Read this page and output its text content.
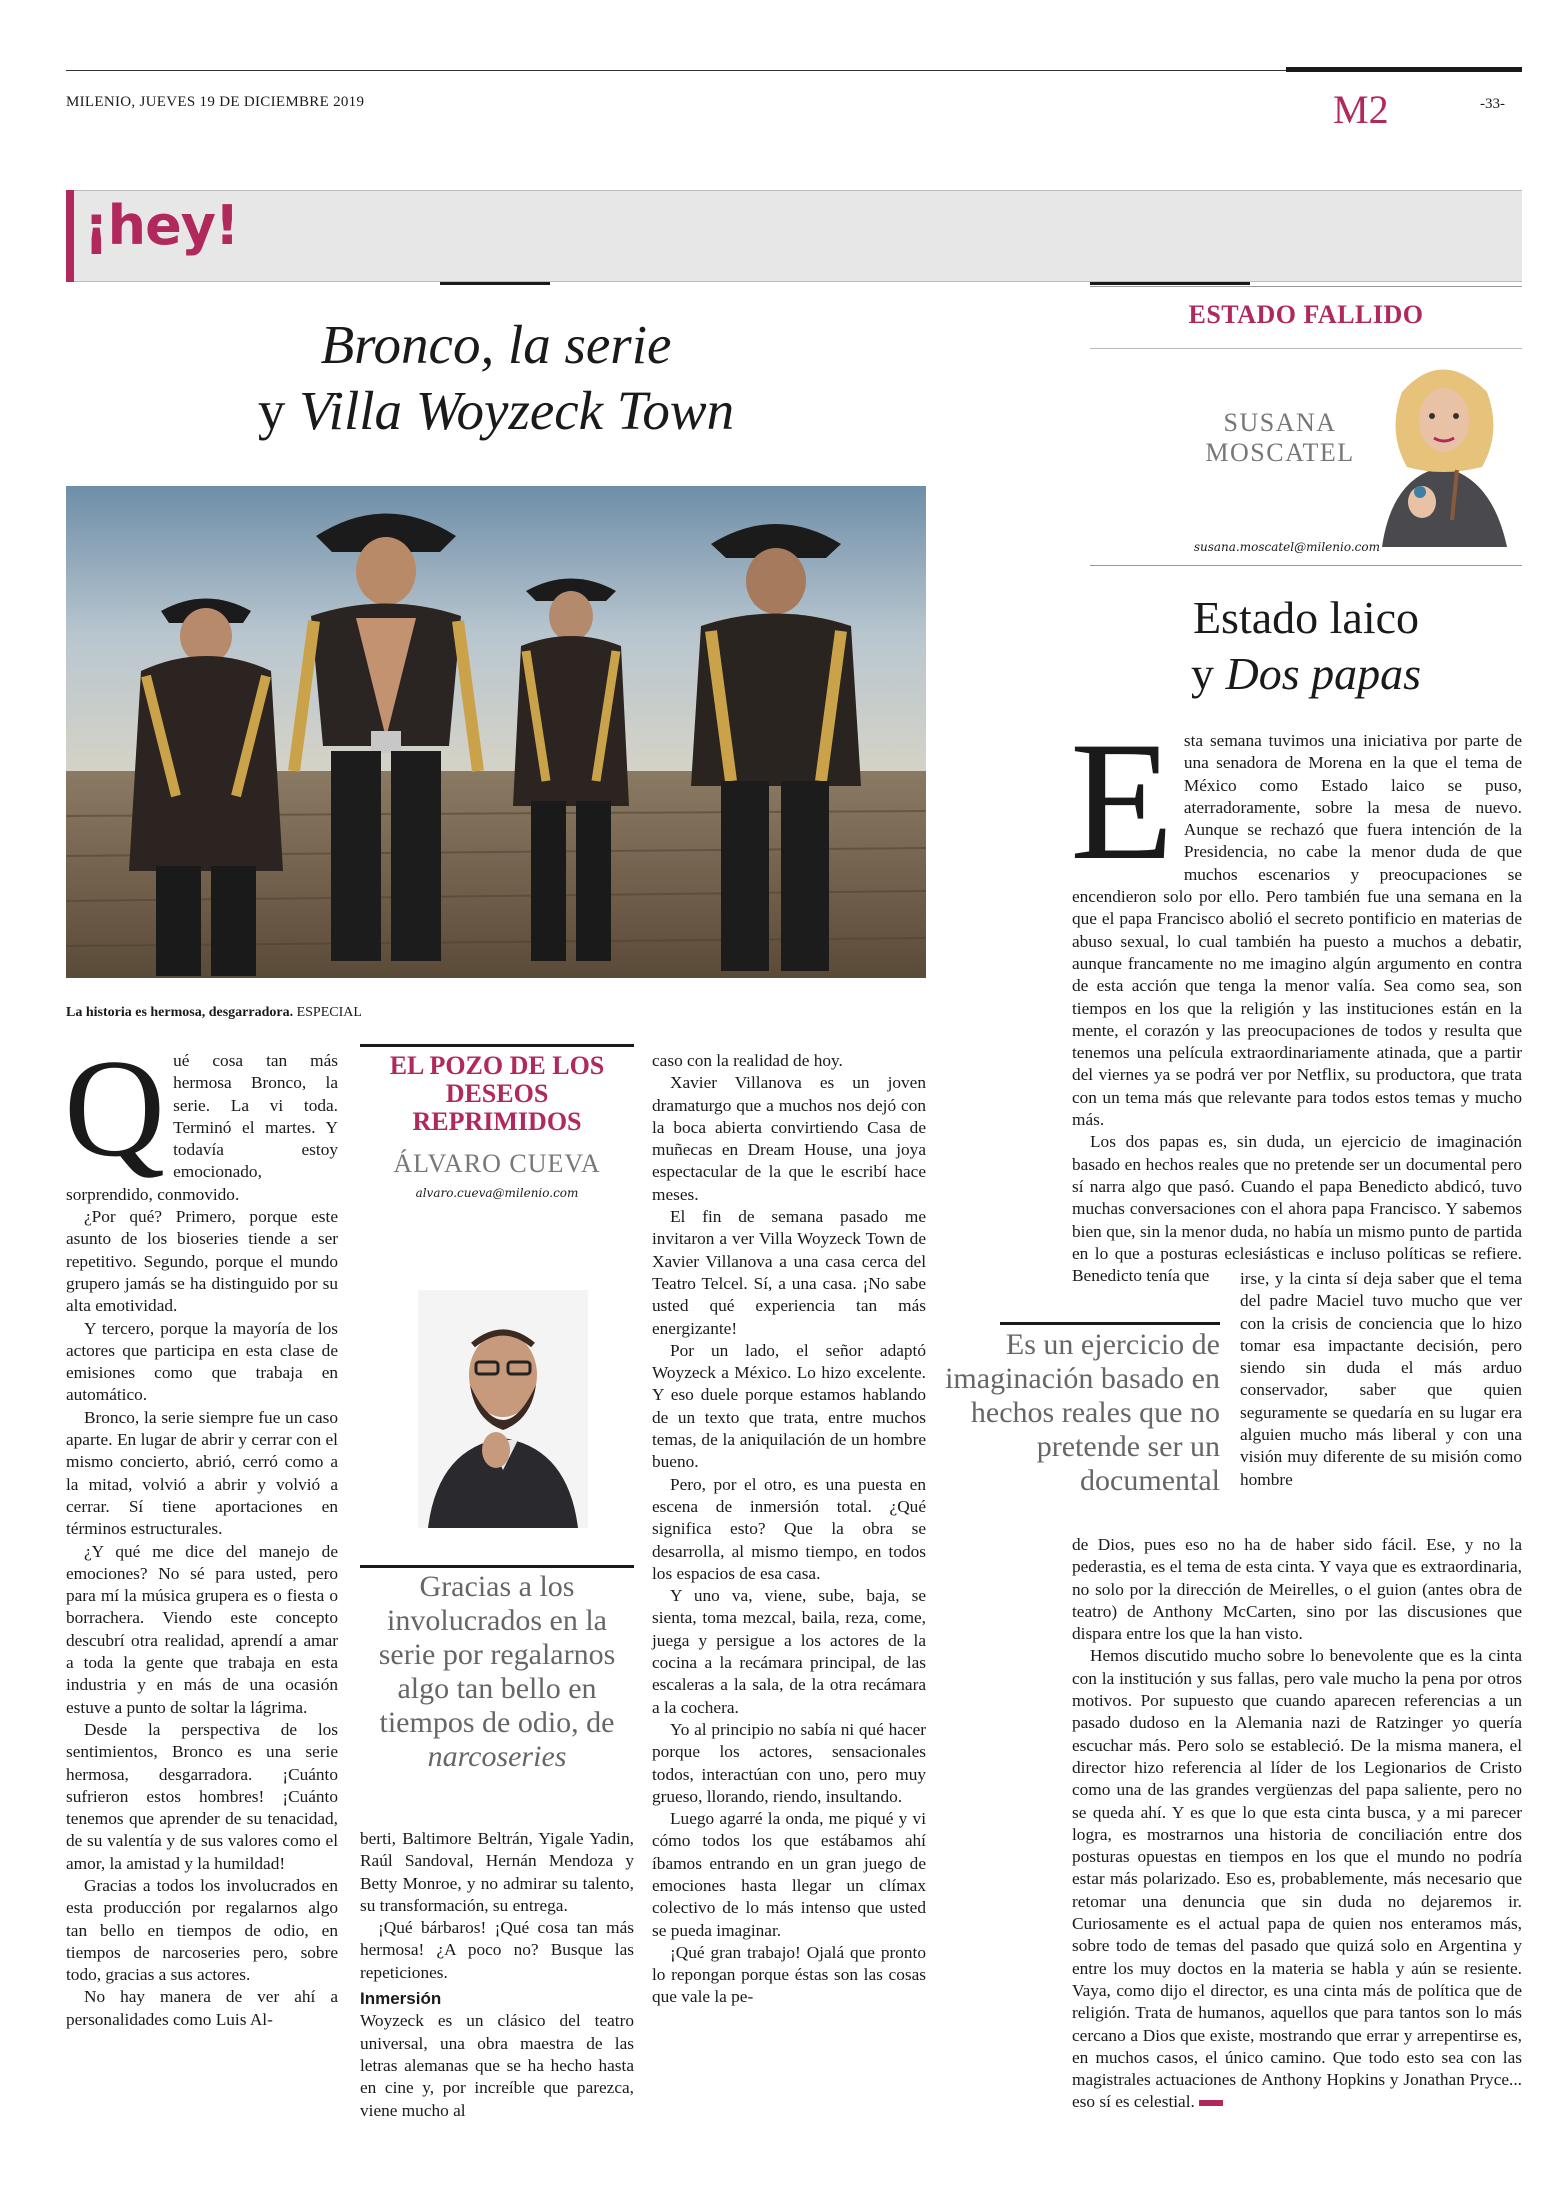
MILENIO, JUEVES 19 DE DICIEMBRE 2019	M2	-33-
¡hey!
Bronco, la serie
y Villa Woyzeck Town
La historia es hermosa, desgarradora. ESPECIAL
Q ué cosa tan más hermosa Bronco, la serie. La vi toda. Terminó el martes. Y todavía estoy emocionado, sorprendido, conmovido.

¿Por qué? Primero, porque este asunto de los bioseries tiende a ser repetitivo. Segundo, porque el mundo grupero jamás se ha distinguido por su alta emotividad.

Y tercero, porque la mayoría de los actores que participa en esta clase de emisiones como que trabaja en automático.

Bronco, la serie siempre fue un caso aparte. En lugar de abrir y cerrar con el mismo concierto, abrió, cerró como a la mitad, volvió a abrir y volvió a cerrar. Sí tiene aportaciones en términos estructurales.

¿Y qué me dice del manejo de emociones? No sé para usted, pero para mí la música grupera es o fiesta o borrachera. Viendo este concepto descubrí otra realidad, aprendí a amar a toda la gente que trabaja en esta industria y en más de una ocasión estuve a punto de soltar la lágrima.

Desde la perspectiva de los sentimientos, Bronco es una serie hermosa, desgarradora. ¡Cuánto sufrieron estos hombres! ¡Cuánto tenemos que aprender de su tenacidad, de su valentía y de sus valores como el amor, la amistad y la humildad!

Gracias a todos los involucrados en esta producción por regalarnos algo tan bello en tiempos de odio, en tiempos de narcoseries pero, sobre todo, gracias a sus actores.

No hay manera de ver ahí a personalidades como Luis Al-

EL POZO DE LOS DESEOS REPRIMIDOS
ÁLVARO CUEVA
alvaro.cueva@milenio.com
Gracias a los involucrados en la serie por regalarnos algo tan bello en tiempos de odio, de narcoseries

berti, Baltimore Beltrán, Yigale Yadin, Raúl Sandoval, Hernán Mendoza y Betty Monroe, y no admirar su talento, su transformación, su entrega.

¡Qué bárbaros! ¡Qué cosa tan más hermosa! ¿A poco no? Busque las repeticiones.

Inmersión

Woyzeck es un clásico del teatro universal, una obra maestra de las letras alemanas que se ha hecho hasta en cine y, por increíble que parezca, viene mucho al

caso con la realidad de hoy.

Xavier Villanova es un joven dramaturgo que a muchos nos dejó con la boca abierta convirtiendo Casa de muñecas en Dream House, una joya espectacular de la que le escribí hace meses.

El fin de semana pasado me invitaron a ver Villa Woyzeck Town de Xavier Villanova a una casa cerca del Teatro Telcel. Sí, a una casa. ¡No sabe usted qué experiencia tan más energizante!

Por un lado, el señor adaptó Woyzeck a México. Lo hizo excelente. Y eso duele porque estamos hablando de un texto que trata, entre muchos temas, de la aniquilación de un hombre bueno.

Pero, por el otro, es una puesta en escena de inmersión total. ¿Qué significa esto? Que la obra se desarrolla, al mismo tiempo, en todos los espacios de esa casa.

Y uno va, viene, sube, baja, se sienta, toma mezcal, baila, reza, come, juega y persigue a los actores de la cocina a la recámara principal, de las escaleras a la sala, de la otra recámara a la cochera.

Yo al principio no sabía ni qué hacer porque los actores, sensacionales todos, interactúan con uno, pero muy grueso, llorando, riendo, insultando.

Luego agarré la onda, me piqué y vi cómo todos los que estábamos ahí íbamos entrando en un gran juego de emociones hasta llegar un clímax colectivo de lo más intenso que usted se pueda imaginar.

¡Qué gran trabajo! Ojalá que pronto lo repongan porque éstas son las cosas que vale la pe-

ESTADO FALLIDO
SUSANA MOSCATEL
susana.moscatel@milenio.com
Estado laico
y Dos papas
E sta semana tuvimos una iniciativa por parte de una senadora de Morena en la que el tema de México como Estado laico se puso, aterradoramente, sobre la mesa de nuevo. Aunque se rechazó que fuera intención de la Presidencia, no cabe la menor duda de que muchos escenarios y preocupaciones se encendieron solo por ello. Pero también fue una semana en la que el papa Francisco abolió el secreto pontificio en materias de abuso sexual, lo cual también ha puesto a muchos a debatir, aunque francamente no me imagino algún argumento en contra de esta acción que tenga la menor valía. Sea como sea, son tiempos en los que la religión y las instituciones están en la mente, el corazón y las preocupaciones de todos y resulta que tenemos una película extraordinariamente atinada, que a partir del viernes ya se podrá ver por Netflix, su productora, que trata con un tema más que relevante para todos estos temas y mucho más.

Los dos papas es, sin duda, un ejercicio de imaginación basado en hechos reales que no pretende ser un documental pero sí narra algo que pasó. Cuando el papa Benedicto abdicó, tuvo muchas conversaciones con el ahora papa Francisco. Y sabemos bien que, sin la menor duda, no había un mismo punto de partida en lo que a posturas eclesiásticas e incluso políticas se refiere. Benedicto tenía que

Es un ejercicio de imaginación basado en hechos reales que no pretende ser un documental

irse, y la cinta sí deja saber que el tema del padre Maciel tuvo mucho que ver con la crisis de conciencia que lo hizo tomar esa impactante decisión, pero siendo sin duda el más arduo conservador, saber que quien seguramente se quedaría en su lugar era alguien mucho más liberal y con una visión muy diferente de su misión como hombre

de Dios, pues eso no ha de haber sido fácil. Ese, y no la pederastia, es el tema de esta cinta. Y vaya que es extraordinaria, no solo por la dirección de Meirelles, o el guion (antes obra de teatro) de Anthony McCarten, sino por las discusiones que dispara entre los que la han visto.

Hemos discutido mucho sobre lo benevolente que es la cinta con la institución y sus fallas, pero vale mucho la pena por otros motivos. Por supuesto que cuando aparecen referencias a un pasado dudoso en la Alemania nazi de Ratzinger yo quería escuchar más. Pero solo se estableció. De la misma manera, el director hizo referencia al líder de los Legionarios de Cristo como una de las grandes vergüenzas del papa saliente, pero no se queda ahí. Y es que lo que esta cinta busca, y a mi parecer logra, es mostrarnos una historia de conciliación entre dos posturas opuestas en tiempos en los que el mundo no podría estar más polarizado. Eso es, probablemente, más necesario que retomar una denuncia que sin duda no dejaremos ir. Curiosamente es el actual papa de quien nos enteramos más, sobre todo de temas del pasado que quizá solo en Argentina y entre los muy doctos en la materia se habla y aún se resiente. Vaya, como dijo el director, es una cinta más de política que de religión. Trata de humanos, aquellos que para tantos son lo más cercano a Dios que existe, mostrando que errar y arrepentirse es, en muchos casos, el único camino. Que todo esto sea con las magistrales actuaciones de Anthony Hopkins y Jonathan Pryce... eso sí es celestial.
